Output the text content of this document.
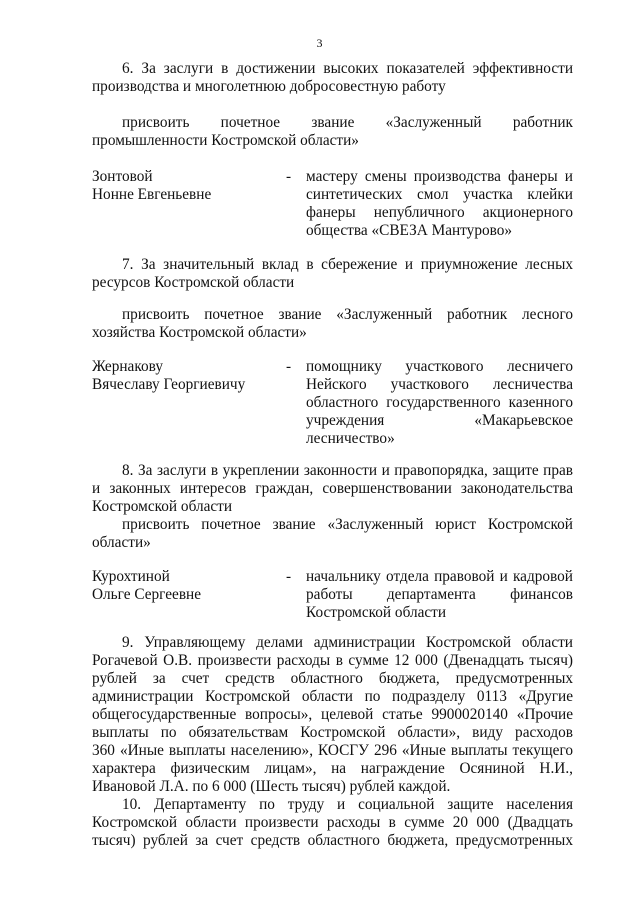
3
6. За заслуги в достижении высоких показателей эффективности
производства и многолетнюю добросовестную работу
присвоить почетное звание «Заслуженный работник
промышленности Костромской области»
Зонтовой
Нонне Евгеньевне
- мастеру смены производства фанеры и
синтетических смол участка клейки
фанеры непубличного акционерного
общества «СВЕЗА Мантурово»
7. За значительный вклад в сбережение и приумножение лесных
ресурсов Костромской области
присвоить почетное звание «Заслуженный работник лесного
хозяйства Костромской области»
Жернакову
Вячеславу Георгиевичу
- помощнику участкового лесничего
Нейского участкового лесничества
областного государственного казенного
учреждения «Макарьевское
лесничество»
8. За заслуги в укреплении законности и правопорядка, защите прав
и законных интересов граждан, совершенствовании законодательства
Костромской области
присвоить почетное звание «Заслуженный юрист Костромской
области»
Курохтиной
Ольге Сергеевне
- начальнику отдела правовой и кадровой
работы департамента финансов
Костромской области
9. Управляющему делами администрации Костромской области
Рогачевой О.В. произвести расходы в сумме 12 000 (Двенадцать тысяч)
рублей за счет средств областного бюджета, предусмотренных
администрации Костромской области по подразделу 0113 «Другие
общегосударственные вопросы», целевой статье 9900020140 «Прочие
выплаты по обязательствам Костромской области», виду расходов
360 «Иные выплаты населению», КОСГУ 296 «Иные выплаты текущего
характера физическим лицам», на награждение Осяниной Н.И.,
Ивановой Л.А. по 6 000 (Шесть тысяч) рублей каждой.
10. Департаменту по труду и социальной защите населения
Костромской области произвести расходы в сумме 20 000 (Двадцать
тысяч) рублей за счет средств областного бюджета, предусмотренных
